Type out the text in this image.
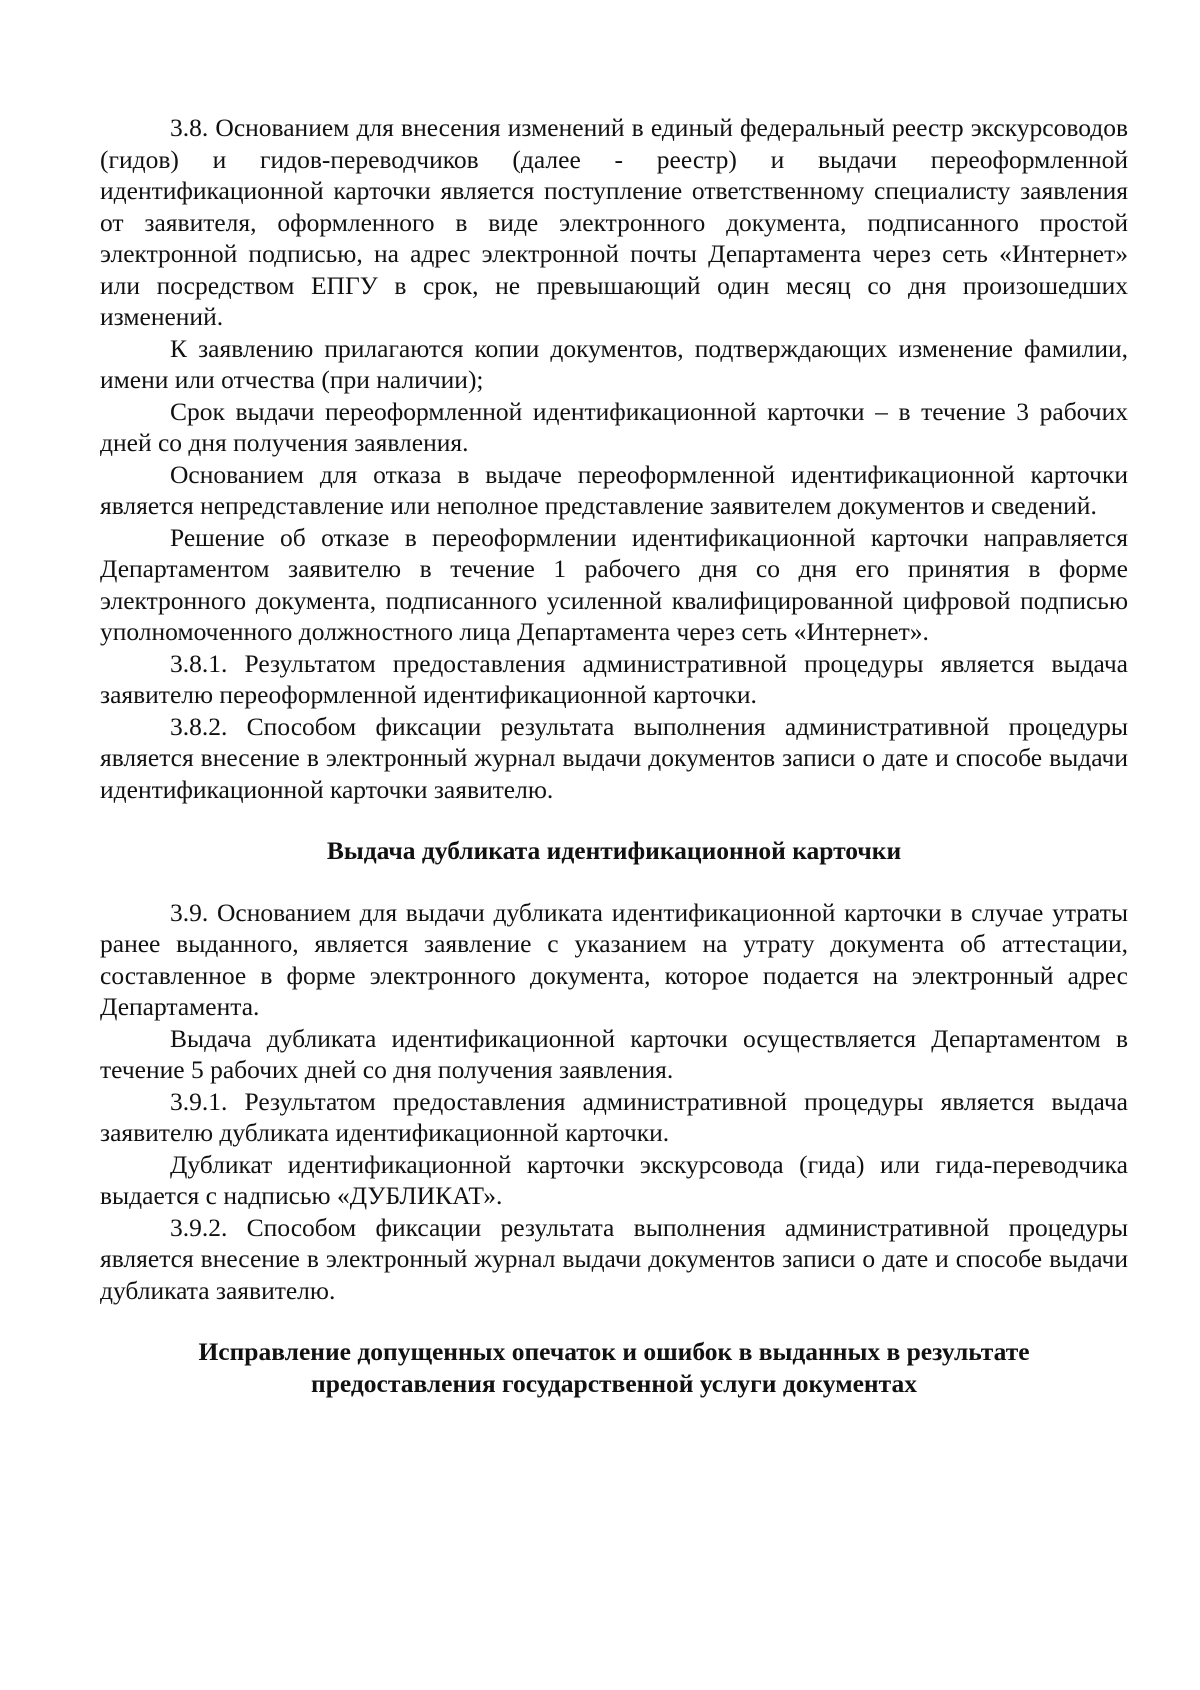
3.8. Основанием для внесения изменений в единый федеральный реестр экскурсоводов (гидов) и гидов-переводчиков (далее - реестр) и выдачи переоформленной идентификационной карточки является поступление ответственному специалисту заявления от заявителя, оформленного в виде электронного документа, подписанного простой электронной подписью, на адрес электронной почты Департамента через сеть «Интернет» или посредством ЕПГУ в срок, не превышающий один месяц со дня произошедших изменений.

К заявлению прилагаются копии документов, подтверждающих изменение фамилии, имени или отчества (при наличии);

Срок выдачи переоформленной идентификационной карточки – в течение 3 рабочих дней со дня получения заявления.

Основанием для отказа в выдаче переоформленной идентификационной карточки является непредставление или неполное представление заявителем документов и сведений.

Решение об отказе в переоформлении идентификационной карточки направляется Департаментом заявителю в течение 1 рабочего дня со дня его принятия в форме электронного документа, подписанного усиленной квалифицированной цифровой подписью уполномоченного должностного лица Департамента через сеть «Интернет».

3.8.1. Результатом предоставления административной процедуры является выдача заявителю переоформленной идентификационной карточки.

3.8.2. Способом фиксации результата выполнения административной процедуры является внесение в электронный журнал выдачи документов записи о дате и способе выдачи идентификационной карточки заявителю.

Выдача дубликата идентификационной карточки

3.9. Основанием для выдачи дубликата идентификационной карточки в случае утраты ранее выданного, является заявление с указанием на утрату документа об аттестации, составленное в форме электронного документа, которое подается на электронный адрес Департамента.

Выдача дубликата идентификационной карточки осуществляется Департаментом в течение 5 рабочих дней со дня получения заявления.

3.9.1. Результатом предоставления административной процедуры является выдача заявителю дубликата идентификационной карточки.

Дубликат идентификационной карточки экскурсовода (гида) или гида-переводчика выдается с надписью «ДУБЛИКАТ».

3.9.2. Способом фиксации результата выполнения административной процедуры является внесение в электронный журнал выдачи документов записи о дате и способе выдачи дубликата заявителю.

Исправление допущенных опечаток и ошибок в выданных в результате
предоставления государственной услуги документах
